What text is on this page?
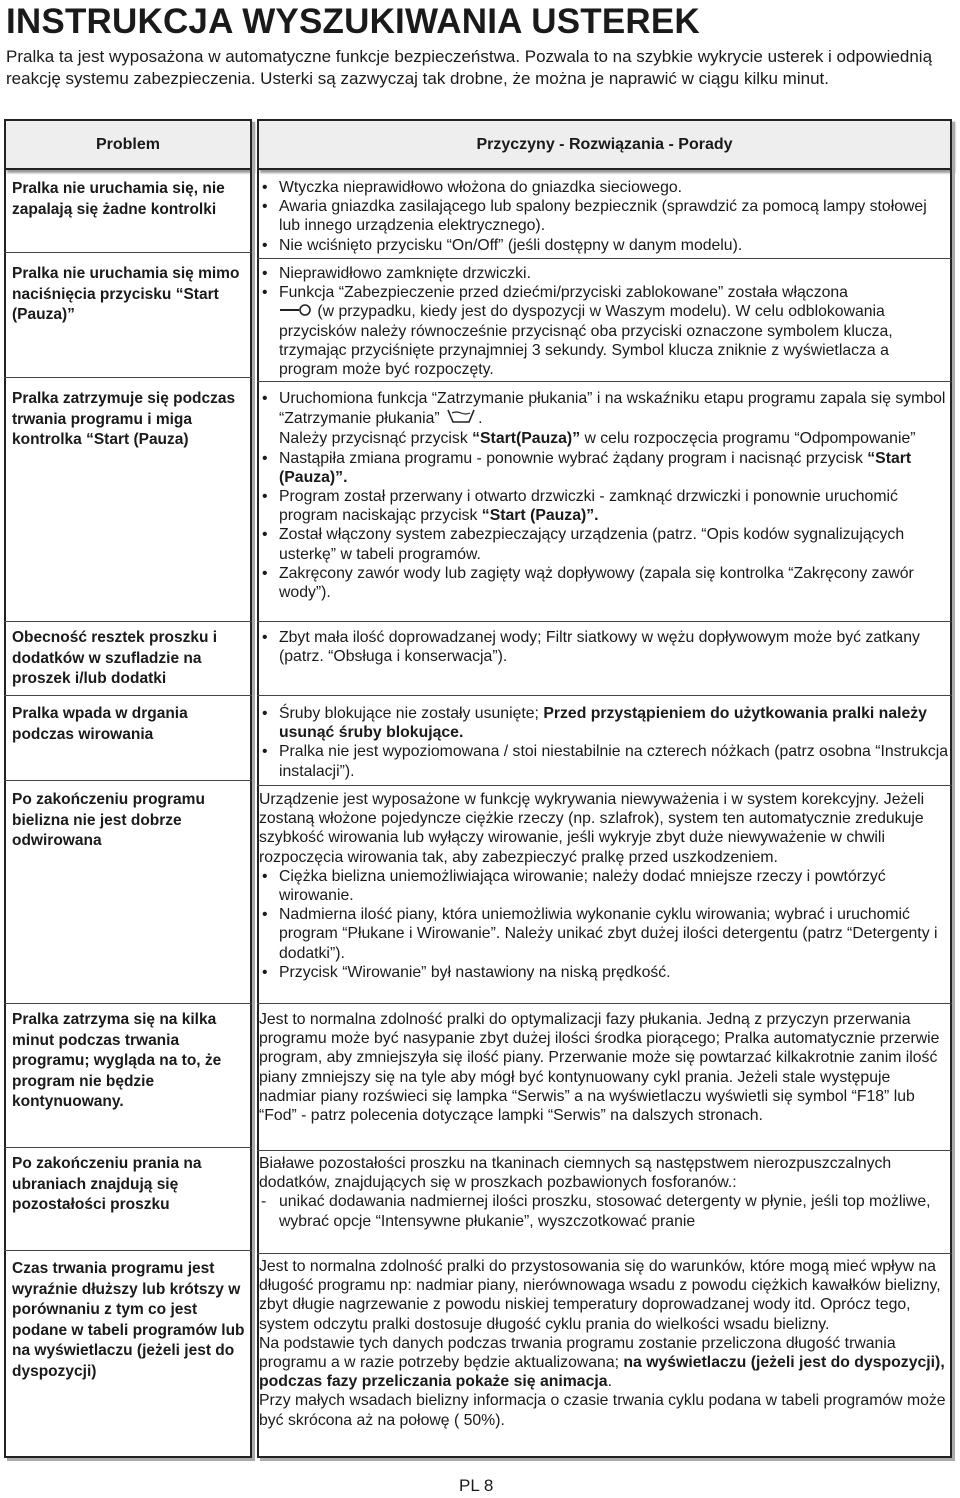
INSTRUKCJA WYSZUKIWANIA USTEREK

Pralka ta jest wyposażona w automatyczne funkcje bezpieczeństwa. Pozwala to na szybkie wykrycie usterek i odpowiednią reakcję systemu zabezpieczenia. Usterki są zazwyczaj tak drobne, że można je naprawić w ciągu kilku minut.

Problem	Przyczyny - Rozwiązania - Porady

Pralka nie uruchamia się, nie zapalają się żadne kontrolki

• Wtyczka nieprawidłowo włożona do gniazdka sieciowego.
• Awaria gniazdka zasilającego lub spalony bezpiecznik (sprawdzić za pomocą lampy stołowej lub innego urządzenia elektrycznego).
• Nie wciśnięto przycisku “On/Off” (jeśli dostępny w danym modelu).

Pralka nie uruchamia się mimo naciśnięcia przycisku “Start (Pauza)”

• Nieprawidłowo zamknięte drzwiczki.
• Funkcja “Zabezpieczenie przed dziećmi/przyciski zablokowane” została włączona
(w przypadku, kiedy jest do dyspozycji w Waszym modelu). W celu odblokowania przycisków należy równocześnie przycisnąć oba przyciski oznaczone symbolem klucza, trzymając przyciśnięte przynajmniej 3 sekundy. Symbol klucza zniknie z wyświetlacza a program może być rozpoczęty.

Pralka zatrzymuje się podczas trwania programu i miga kontrolka “Start (Pauza)

• Uruchomiona funkcja “Zatrzymanie płukania” i na wskaźniku etapu programu zapala się symbol “Zatrzymanie płukania” .
Należy przycisnąć przycisk “Start(Pauza)” w celu rozpoczęcia programu “Odpompowanie”
• Nastąpiła zmiana programu - ponownie wybrać żądany program i nacisnąć przycisk “Start (Pauza)”.
• Program został przerwany i otwarto drzwiczki - zamknąć drzwiczki i ponownie uruchomić program naciskając przycisk “Start (Pauza)”.
• Został włączony system zabezpieczający urządzenia (patrz. “Opis kodów sygnalizujących usterkę” w tabeli programów.
• Zakręcony zawór wody lub zagięty wąż dopływowy (zapala się kontrolka “Zakręcony zawór wody”).

Obecność resztek proszku i dodatków w szufladzie na proszek i/lub dodatki

• Zbyt mała ilość doprowadzanej wody; Filtr siatkowy w wężu dopływowym może być zatkany (patrz. “Obsługa i konserwacja”).

Pralka wpada w drgania podczas wirowania

• Śruby blokujące nie zostały usunięte; Przed przystąpieniem do użytkowania pralki należy usunąć śruby blokujące.
• Pralka nie jest wypoziomowana / stoi niestabilnie na czterech nóżkach (patrz osobna “Instrukcja instalacji”).

Po zakończeniu programu bielizna nie jest dobrze odwirowana

Urządzenie jest wyposażone w funkcję wykrywania niewyważenia i w system korekcyjny. Jeżeli zostaną włożone pojedyncze ciężkie rzeczy (np. szlafrok), system ten automatycznie zredukuje szybkość wirowania lub wyłączy wirowanie, jeśli wykryje zbyt duże niewyważenie w chwili rozpoczęcia wirowania tak, aby zabezpieczyć pralkę przed uszkodzeniem.

• Ciężka bielizna uniemożliwiająca wirowanie; należy dodać mniejsze rzeczy i powtórzyć wirowanie.
• Nadmierna ilość piany, która uniemożliwia wykonanie cyklu wirowania; wybrać i uruchomić program “Płukane i Wirowanie”. Należy unikać zbyt dużej ilości detergentu (patrz “Detergenty i dodatki”).
• Przycisk “Wirowanie” był nastawiony na niską prędkość.

Pralka zatrzyma się na kilka minut podczas trwania programu; wygląda na to, że program nie będzie kontynuowany.

Jest to normalna zdolność pralki do optymalizacji fazy płukania. Jedną z przyczyn przerwania programu może być nasypanie zbyt dużej ilości środka piorącego; Pralka automatycznie przerwie program, aby zmniejszyła się ilość piany. Przerwanie może się powtarzać kilkakrotnie zanim ilość piany zmniejszy się na tyle aby mógł być kontynuowany cykl prania. Jeżeli stale występuje nadmiar piany rozświeci się lampka “Serwis” a na wyświetlaczu wyświetli się symbol “F18” lub “Fod” - patrz polecenia dotyczące lampki “Serwis” na dalszych stronach.

Po zakończeniu prania na ubraniach znajdują się pozostałości proszku

Białawe pozostałości proszku na tkaninach ciemnych są następstwem nierozpuszczalnych dodatków, znajdujących się w proszkach pozbawionych fosforanów.:

- unikać dodawania nadmiernej ilości proszku, stosować detergenty w płynie, jeśli top możliwe, wybrać opcje “Intensywne płukanie”, wyszczotkować pranie

Czas trwania programu jest wyraźnie dłuższy lub krótszy w porównaniu z tym co jest podane w tabeli programów lub na wyświetlaczu (jeżeli jest do dyspozycji)

Jest to normalna zdolność pralki do przystosowania się do warunków, które mogą mieć wpływ na długość programu np: nadmiar piany, nierównowaga wsadu z powodu ciężkich kawałków bielizny, zbyt długie nagrzewanie z powodu niskiej temperatury doprowadzanej wody itd. Oprócz tego, system odczytu pralki dostosuje długość cyklu prania do wielkości wsadu bielizny.

Na podstawie tych danych podczas trwania programu zostanie przeliczona długość trwania programu a w razie potrzeby będzie aktualizowana; na wyświetlaczu (jeżeli jest do dyspozycji), podczas fazy przeliczania pokaże się animacja.

Przy małych wsadach bielizny informacja o czasie trwania cyklu podana w tabeli programów może być skrócona aż na połowę ( 50%).

PL 8
